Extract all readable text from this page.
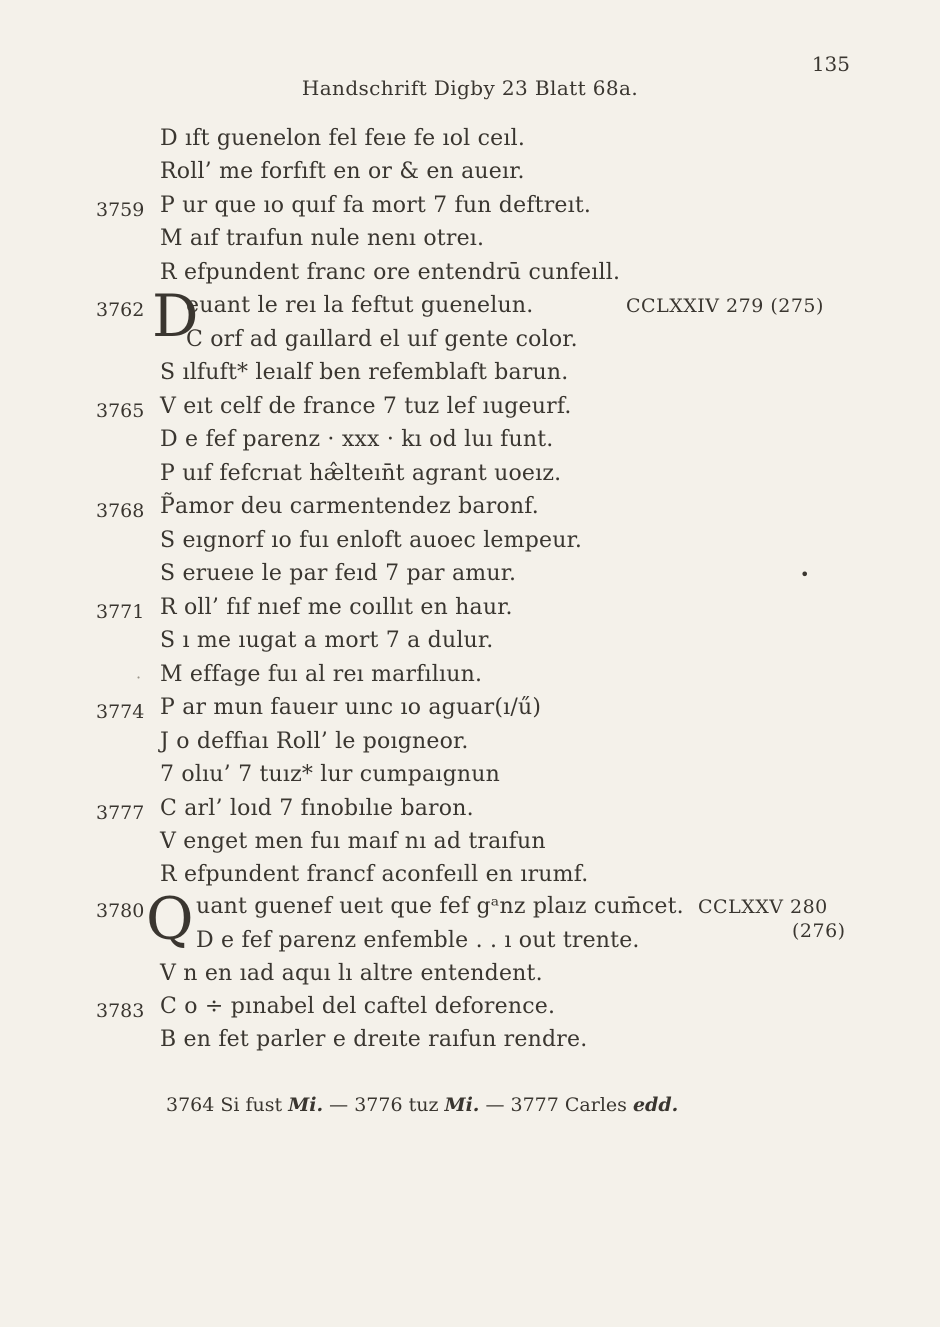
135
Handschrift Digby 23 Blatt 68a.
D ıft guenelon fel feıe fe ıol ceıl.
Roll’ me forfıft en or & en aueır.
3759 P ur que ıo quıf fa mort 7 fun deftreıt.
M aıf traıfun nule nenı otreı.
R efpundent franc ore entendrū cunfeıll.
3762 D
euant le reı la feftut guenelun.	CCLXXIV 279 (275)
C orf ad gaıllard el uıf gente color.
S ılfuft* leıalf ben refemblaft barun.
3765 V eıt celf de france 7 tuz lef ıugeurf.
D e fef parenz · xxx · kı od luı funt.
P uıf fefcrıat hæ̂lteın̄t agrant uoeız.
3768 P̃amor deu carmentendez baronf.
S eıgnorf ıo fuı enloft auoec lempeur.
S erueıe le par feıd 7 par amur.	•
3771 R oll’ fıf nıef me coıllıt en haur.
S ı me ıugat a mort 7 a dulur.
· M effage fuı al reı marfılıun.
3774 P ar mun faueır uınc ıo aguar(ı/ű)
J o deffıaı Roll’ le poıgneor.
7 olıu’ 7 tuız* lur cumpaıgnun
3777 C arl’ loıd 7 fınobılıe baron.
V enget men fuı maıf nı ad traıfun
R efpundent francf aconfeıll en ırumf.
3780 Q uant guenef ueıt que fef gᵃnz plaız cum̄cet. CCLXXV 280
D e fef parenz enfemble . . ı out trente.	(276)
V n en ıad aquı lı altre entendent.
3783 C o ÷ pınabel del caftel deforence.
B en fet parler e dreıte raıfun rendre.
3764 Si fust Mi. — 3776 tuz Mi. — 3777 Carles edd.
